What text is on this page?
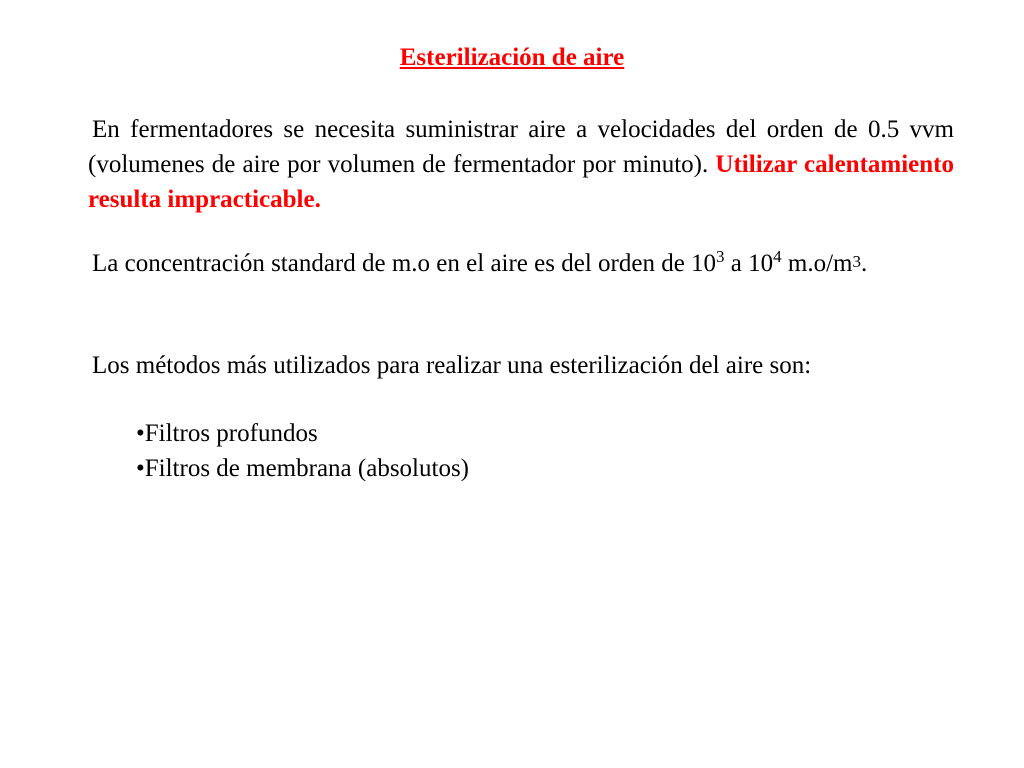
Esterilización de aire
En fermentadores se necesita suministrar aire a velocidades del orden de 0.5 vvm (volumenes de aire por volumen de fermentador por minuto). Utilizar calentamiento resulta impracticable.
La concentración standard de m.o en el aire es del orden de $10^3$ a $10^4$ $m.o/m^3$.
Los métodos más utilizados para realizar una esterilización del aire son:
•Filtros profundos
•Filtros de membrana (absolutos)
